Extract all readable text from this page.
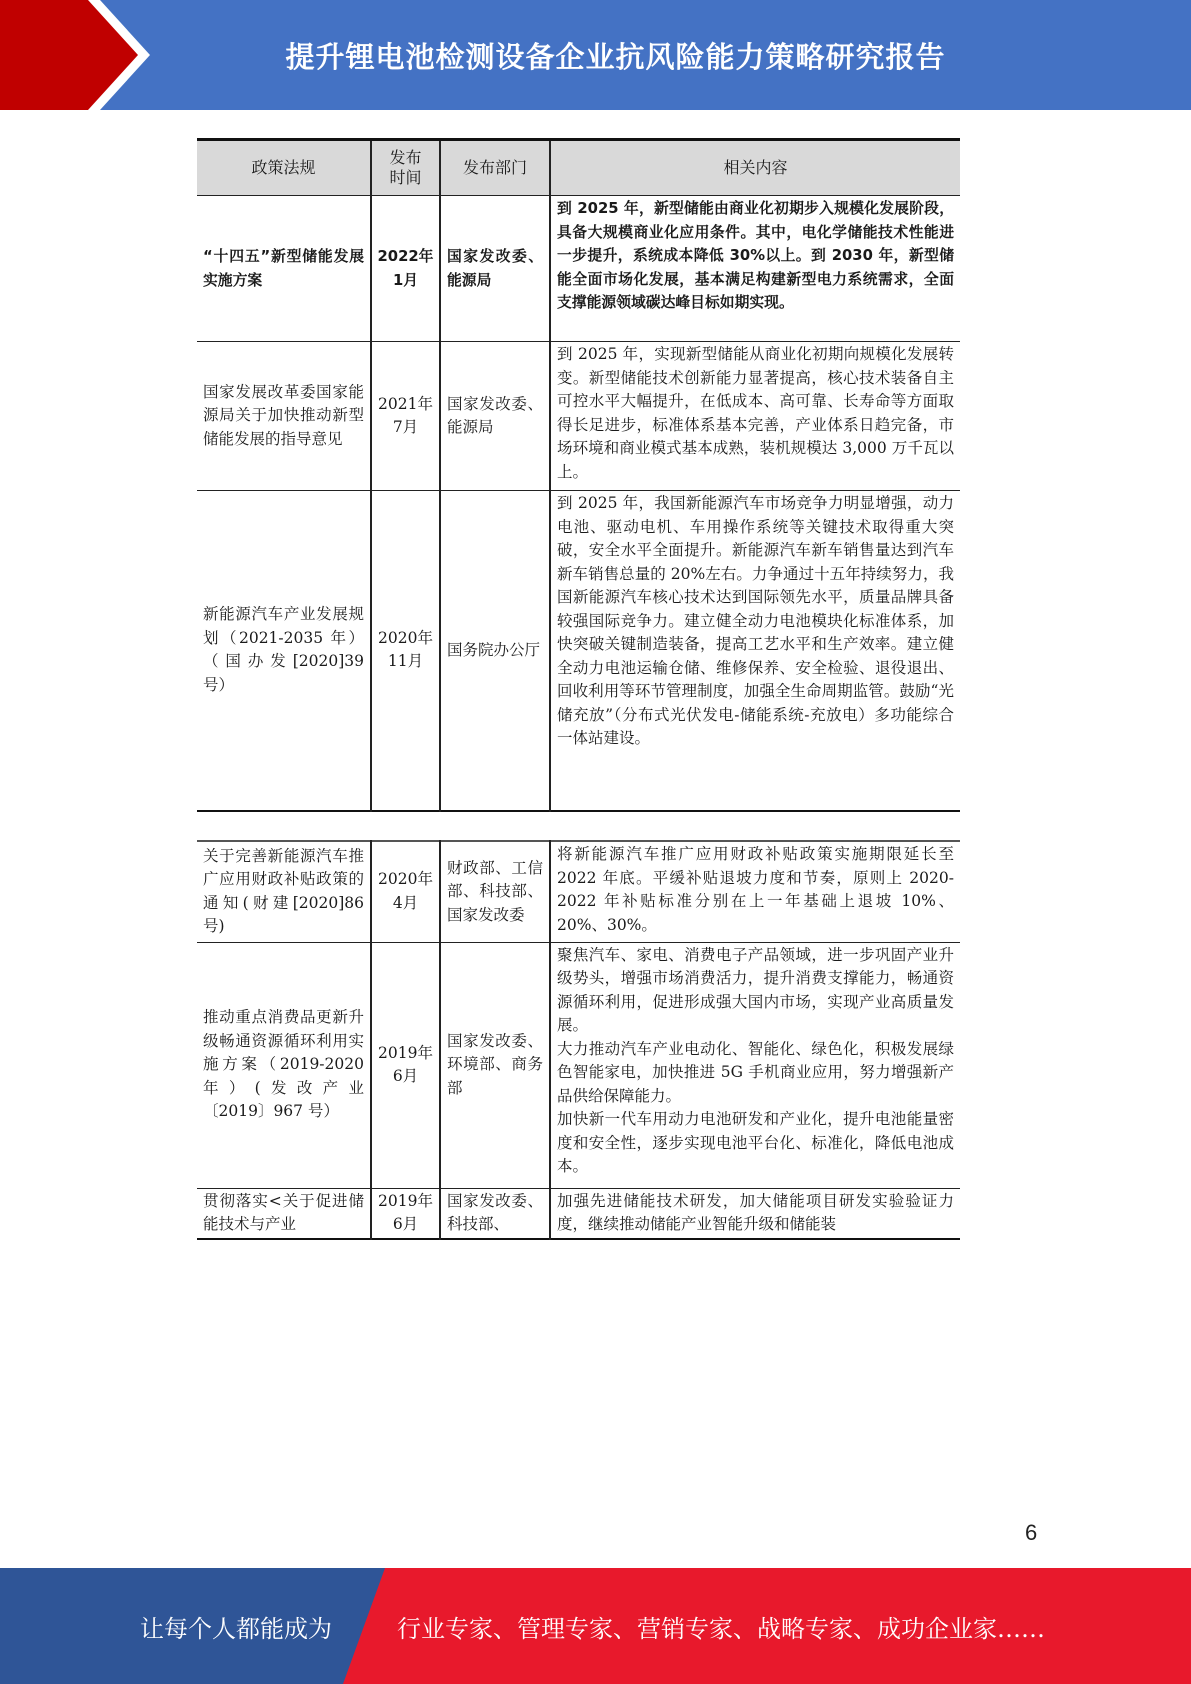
提升锂电池检测设备企业抗风险能力策略研究报告
政策法规	发布时间	发布部门	相关内容
“十四五”新型储能发展实施方案	2022年1月	国家发改委、能源局	到 2025 年，新型储能由商业化初期步入规模化发展阶段，具备大规模商业化应用条件。其中，电化学储能技术性能进一步提升，系统成本降低 30%以上。到 2030 年，新型储能全面市场化发展，基本满足构建新型电力系统需求，全面支撑能源领域碳达峰目标如期实现。
国家发展改革委国家能源局关于加快推动新型储能发展的指导意见	2021年7月	国家发改委、能源局	到 2025 年，实现新型储能从商业化初期向规模化发展转变。新型储能技术创新能力显著提高，核心技术装备自主可控水平大幅提升，在低成本、高可靠、长寿命等方面取得长足进步，标准体系基本完善，产业体系日趋完备，市场环境和商业模式基本成熟，装机规模达 3,000 万千瓦以上。
新能源汽车产业发展规划（2021-2035 年）（国办发[2020]39 号）	2020年11月	国务院办公厅	到 2025 年，我国新能源汽车市场竞争力明显增强，动力电池、驱动电机、车用操作系统等关键技术取得重大突破，安全水平全面提升。新能源汽车新车销售量达到汽车新车销售总量的 20%左右。力争通过十五年持续努力，我国新能源汽车核心技术达到国际领先水平，质量品牌具备较强国际竞争力。建立健全动力电池模块化标准体系，加快突破关键制造装备，提高工艺水平和生产效率。建立健全动力电池运输仓储、维修保养、安全检验、退役退出、回收利用等环节管理制度，加强全生命周期监管。鼓励“光储充放”（分布式光伏发电-储能系统-充放电）多功能综合一体站建设。
关于完善新能源汽车推广应用财政补贴政策的通知(财建[2020]86 号)	2020年4月	财政部、工信部、科技部、国家发改委	将新能源汽车推广应用财政补贴政策实施期限延长至 2022 年底。平缓补贴退坡力度和节奏，原则上 2020-2022 年补贴标准分别在上一年基础上退坡 10%、20%、30%。
推动重点消费品更新升级畅通资源循环利用实施方案（2019-2020 年）(发改产业〔2019〕967 号）	2019年6月	国家发改委、环境部、商务部	聚焦汽车、家电、消费电子产品领域，进一步巩固产业升级势头，增强市场消费活力，提升消费支撑能力，畅通资源循环利用，促进形成强大国内市场，实现产业高质量发展。
大力推动汽车产业电动化、智能化、绿色化，积极发展绿色智能家电，加快推进 5G 手机商业应用，努力增强新产品供给保障能力。
加快新一代车用动力电池研发和产业化，提升电池能量密度和安全性，逐步实现电池平台化、标准化，降低电池成本。

贯彻落实<关于促进储能技术与产业	2019年6月	国家发改委、科技部、	加强先进储能技术研发，加大储能项目研发实验验证力度，继续推动储能产业智能升级和储能装
6
让每个人都能成为	行业专家、管理专家、营销专家、战略专家、成功企业家……
